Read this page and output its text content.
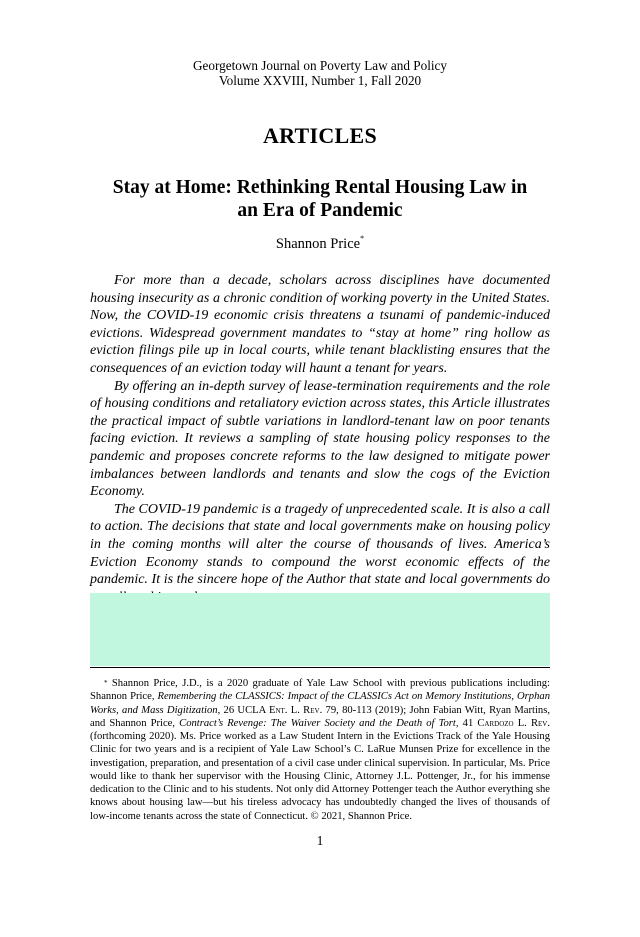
Georgetown Journal on Poverty Law and Policy
Volume XXVIII, Number 1, Fall 2020
ARTICLES
Stay at Home: Rethinking Rental Housing Law in
an Era of Pandemic
Shannon Price*

For more than a decade, scholars across disciplines have documented housing insecurity as a chronic condition of working poverty in the United States. Now, the COVID-19 economic crisis threatens a tsunami of pandemic-induced evictions. Widespread government mandates to “stay at home” ring hollow as eviction filings pile up in local courts, while tenant blacklisting ensures that the consequences of an eviction today will haunt a tenant for years.

By offering an in-depth survey of lease-termination requirements and the role of housing conditions and retaliatory eviction across states, this Article illustrates the practical impact of subtle variations in landlord-tenant law on poor tenants facing eviction. It reviews a sampling of state housing policy responses to the pandemic and proposes concrete reforms to the law designed to mitigate power imbalances between landlords and tenants and slow the cogs of the Eviction Economy.

The COVID-19 pandemic is a tragedy of unprecedented scale. It is also a call to action. The decisions that state and local governments make on housing policy in the coming months will alter the course of thousands of lives. America’s Eviction Economy stands to compound the worst economic effects of the pandemic. It is the sincere hope of the Author that state and local governments do

* Shannon Price, J.D., is a 2020 graduate of Yale Law School with previous publications including: Shannon Price, Remembering the CLASSICS: Impact of the CLASSICs Act on Memory Institutions, Orphan Works, and Mass Digitization, 26 UCLA Ent. L. Rev. 79, 80-113 (2019); John Fabian Witt, Ryan Martins, and Shannon Price, Contract’s Revenge: The Waiver Society and the Death of Tort, 41 Cardozo L. Rev. (forthcoming 2020). Ms. Price worked as a Law Student Intern in the Evictions Track of the Yale Housing Clinic for two years and is a recipient of Yale Law School’s C. LaRue Munsen Prize for excellence in the investigation, preparation, and presentation of a civil case under clinical supervision. In particular, Ms. Price would like to thank her supervisor with the Housing Clinic, Attorney J.L. Pottenger, Jr., for his immense dedication to the Clinic and to his students. Not only did Attorney Pottenger teach the Author everything she knows about housing law—but his tireless advocacy has undoubtedly changed the lives of thousands of low-income tenants across the state of Connecticut. © 2021, Shannon Price.

1
